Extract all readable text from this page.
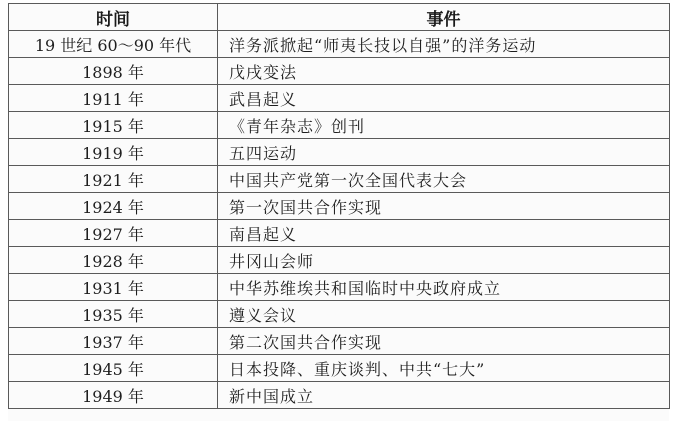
时间	事件
19 世纪 60～90 年代	洋务派掀起“师夷长技以自强”的洋务运动
1898 年	戊戌变法
1911 年	武昌起义
1915 年	《青年杂志》创刊
1919 年	五四运动
1921 年	中国共产党第一次全国代表大会
1924 年	第一次国共合作实现
1927 年	南昌起义
1928 年	井冈山会师
1931 年	中华苏维埃共和国临时中央政府成立
1935 年	遵义会议
1937 年	第二次国共合作实现
1945 年	日本投降、重庆谈判、中共“七大”
1949 年	新中国成立
